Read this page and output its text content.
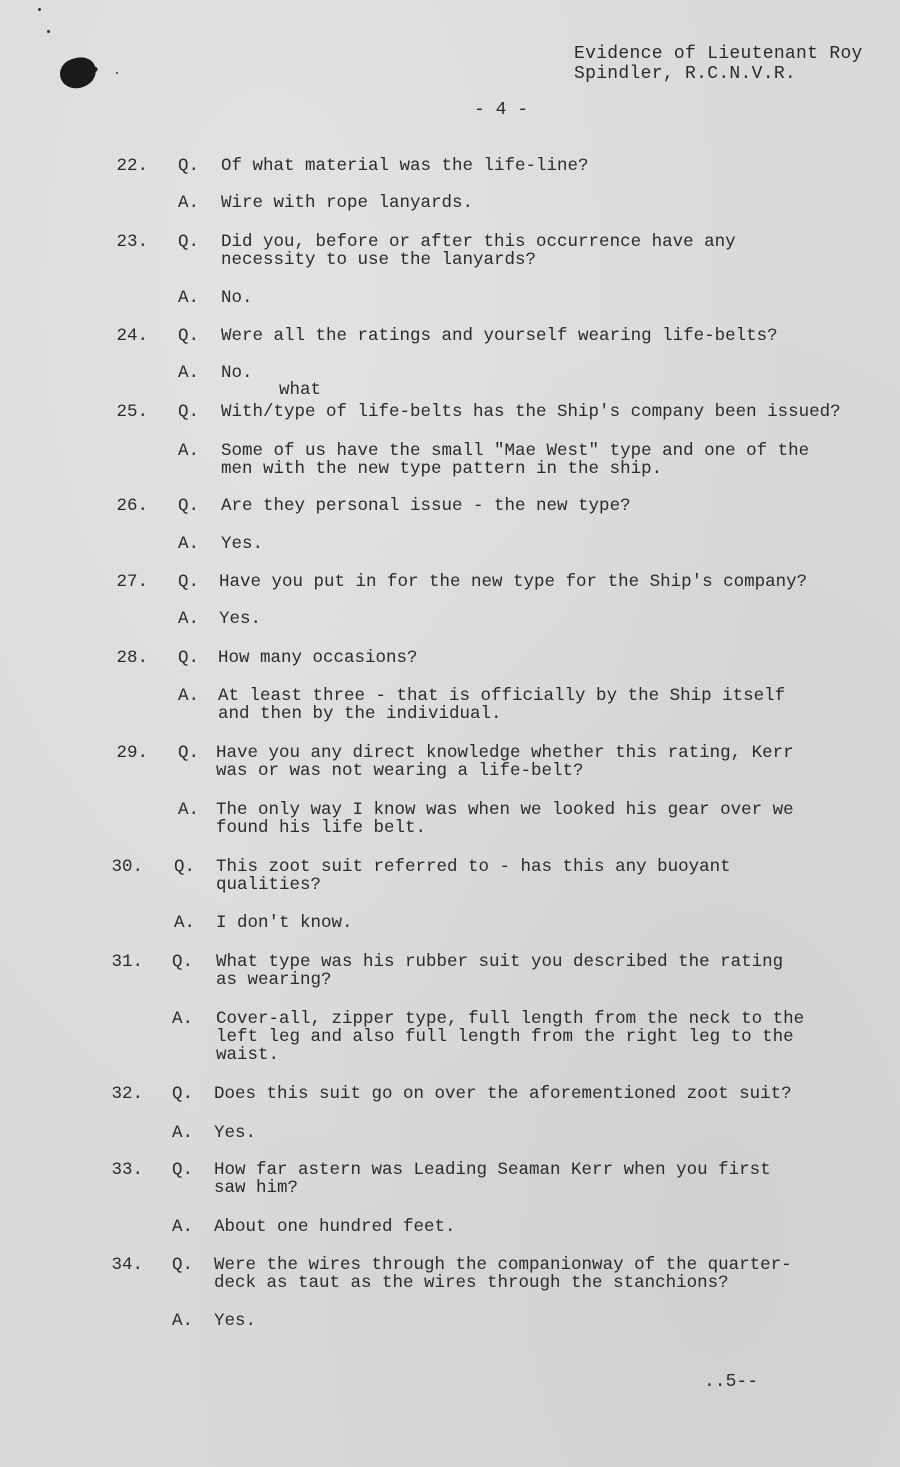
Evidence of Lieutenant Roy
Spindler, R.C.N.V.R.
- 4 -
what
22. Q. Of what material was the life-line?
A. Wire with rope lanyards.
23. Q. Did you, before or after this occurrence have any
necessity to use the lanyards?
A. No.
24. Q. Were all the ratings and yourself wearing life-belts?
A. No.
25. Q. With/type of life-belts has the Ship's company been issued?
A. Some of us have the small "Mae West" type and one of the
men with the new type pattern in the ship.
26. Q. Are they personal issue - the new type?
A. Yes.
27. Q. Have you put in for the new type for the Ship's company?
A. Yes.
28. Q. How many occasions?
A. At least three - that is officially by the Ship itself
and then by the individual.
29. Q. Have you any direct knowledge whether this rating, Kerr
was or was not wearing a life-belt?
A. The only way I know was when we looked his gear over we
found his life belt.
30. Q. This zoot suit referred to - has this any buoyant
qualities?
A. I don't know.
31. Q. What type was his rubber suit you described the rating
as wearing?
A. Cover-all, zipper type, full length from the neck to the
left leg and also full length from the right leg to the
waist.
32. Q. Does this suit go on over the aforementioned zoot suit?
A. Yes.
33. Q. How far astern was Leading Seaman Kerr when you first
saw him?
A. About one hundred feet.
34. Q. Were the wires through the companionway of the quarter-
deck as taut as the wires through the stanchions?
A. Yes.
..5--
